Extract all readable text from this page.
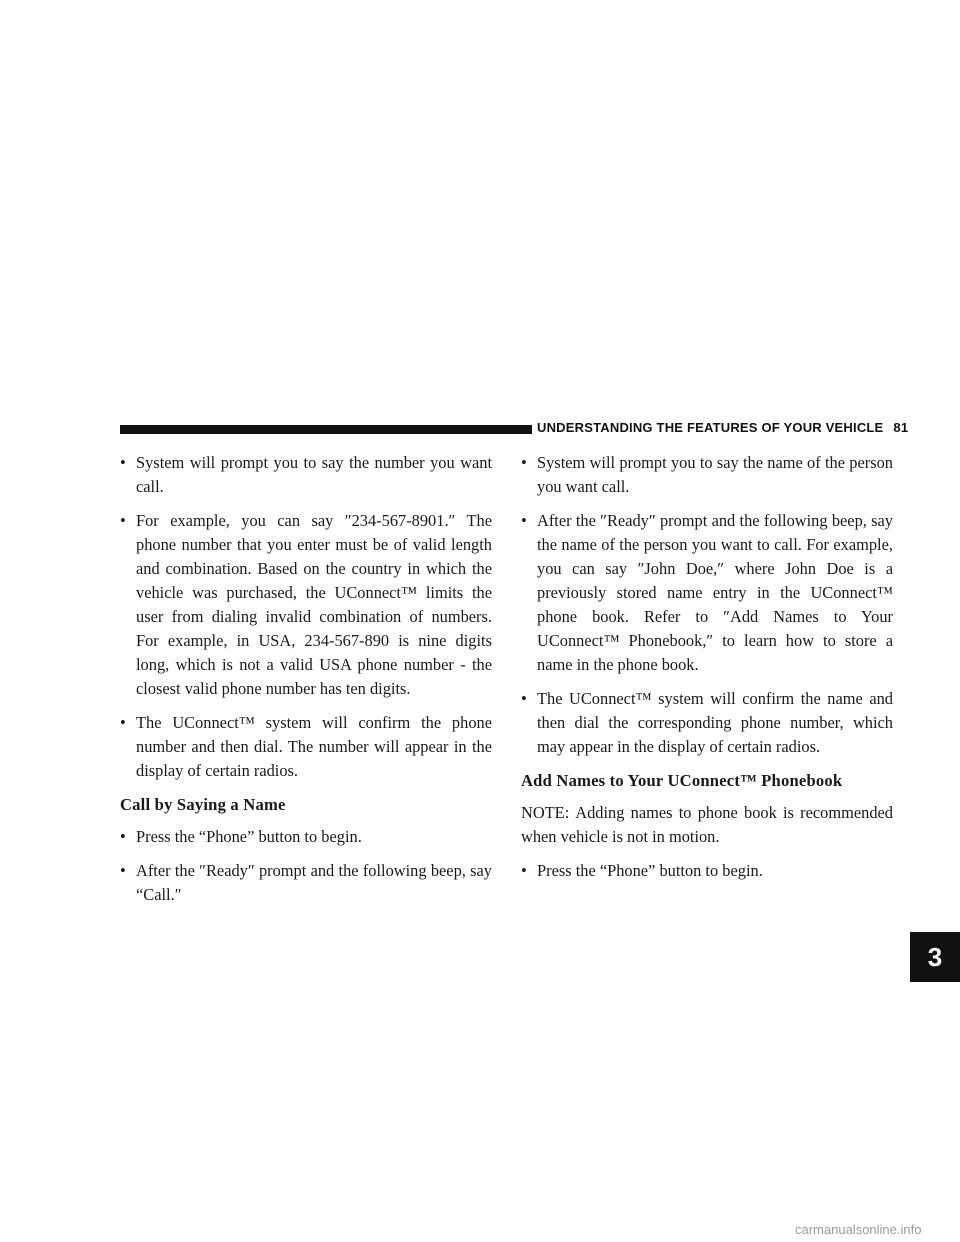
UNDERSTANDING THE FEATURES OF YOUR VEHICLE 81
3
• System will prompt you to say the number you want call.
• For example, you can say ″234-567-8901.″ The phone number that you enter must be of valid length and combination. Based on the country in which the vehicle was purchased, the UConnect™ limits the user from dialing invalid combination of numbers. For example, in USA, 234-567-890 is nine digits long, which is not a valid USA phone number - the closest valid phone number has ten digits.
• The UConnect™ system will confirm the phone number and then dial. The number will appear in the display of certain radios.
Call by Saying a Name
• Press the “Phone” button to begin.
• After the ″Ready″ prompt and the following beep, say “Call.″
• System will prompt you to say the name of the person you want call.
• After the ″Ready″ prompt and the following beep, say the name of the person you want to call. For example, you can say ″John Doe,″ where John Doe is a previously stored name entry in the UConnect™ phone book. Refer to ″Add Names to Your UConnect™ Phonebook,″ to learn how to store a name in the phone book.
• The UConnect™ system will confirm the name and then dial the corresponding phone number, which may appear in the display of certain radios.
Add Names to Your UConnect™ Phonebook
NOTE: Adding names to phone book is recommended when vehicle is not in motion.
• Press the “Phone” button to begin.
carmanualsonline.info
